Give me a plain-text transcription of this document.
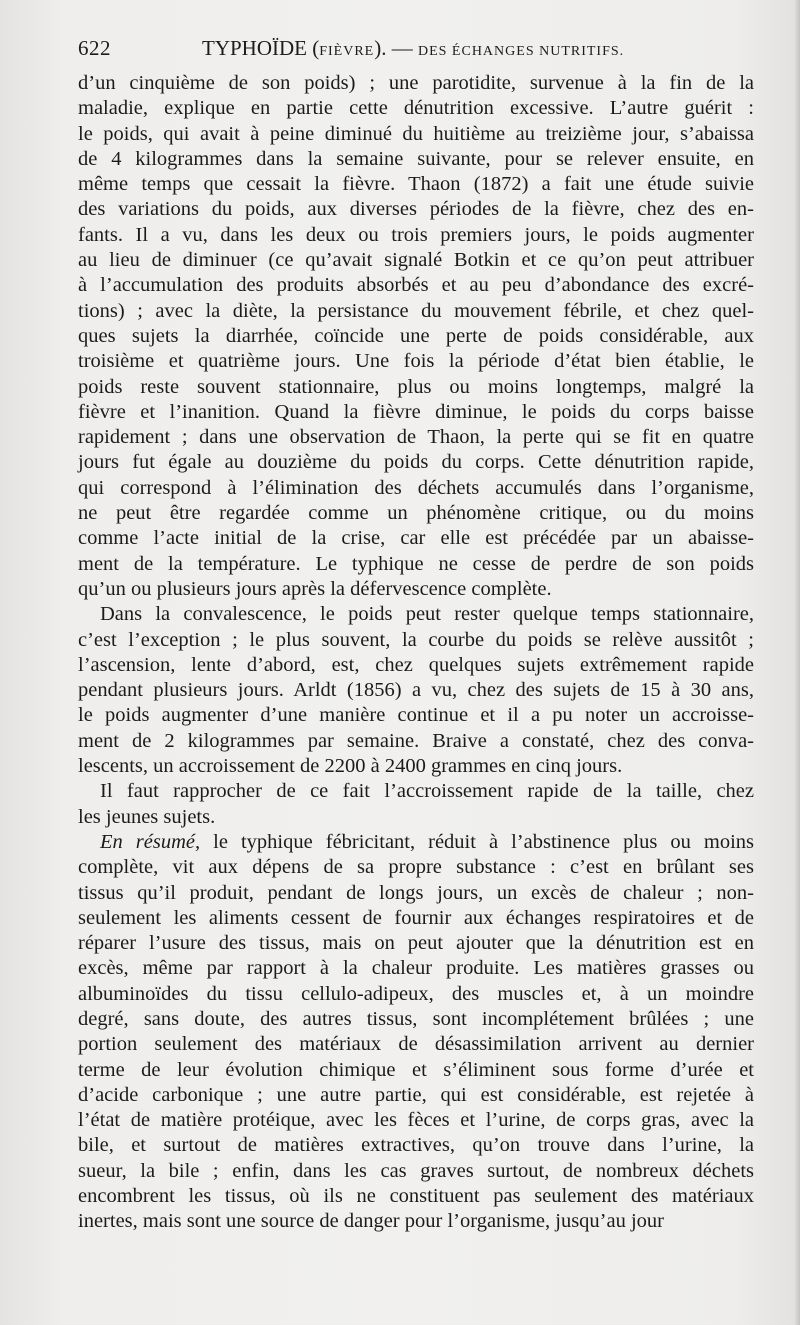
622	TYPHOÏDE (FIÈVRE). — DES ÉCHANGES NUTRITIFS.
d’un cinquième de son poids) ; une parotidite, survenue à la fin de la
maladie, explique en partie cette dénutrition excessive. L’autre guérit :
le poids, qui avait à peine diminué du huitième au treizième jour, s’abaissa
de 4 kilogrammes dans la semaine suivante, pour se relever ensuite, en
même temps que cessait la fièvre. Thaon (1872) a fait une étude suivie
des variations du poids, aux diverses périodes de la fièvre, chez des en-
fants. Il a vu, dans les deux ou trois premiers jours, le poids augmenter
au lieu de diminuer (ce qu’avait signalé Botkin et ce qu’on peut attribuer
à l’accumulation des produits absorbés et au peu d’abondance des excré-
tions) ; avec la diète, la persistance du mouvement fébrile, et chez quel-
ques sujets la diarrhée, coïncide une perte de poids considérable, aux
troisième et quatrième jours. Une fois la période d’état bien établie, le
poids reste souvent stationnaire, plus ou moins longtemps, malgré la
fièvre et l’inanition. Quand la fièvre diminue, le poids du corps baisse
rapidement ; dans une observation de Thaon, la perte qui se fit en quatre
jours fut égale au douzième du poids du corps. Cette dénutrition rapide,
qui correspond à l’élimination des déchets accumulés dans l’organisme,
ne peut être regardée comme un phénomène critique, ou du moins
comme l’acte initial de la crise, car elle est précédée par un abaisse-
ment de la température. Le typhique ne cesse de perdre de son poids
qu’un ou plusieurs jours après la défervescence complète.
Dans la convalescence, le poids peut rester quelque temps stationnaire,
c’est l’exception ; le plus souvent, la courbe du poids se relève aussitôt ;
l’ascension, lente d’abord, est, chez quelques sujets extrêmement rapide
pendant plusieurs jours. Arldt (1856) a vu, chez des sujets de 15 à 30 ans,
le poids augmenter d’une manière continue et il a pu noter un accroisse-
ment de 2 kilogrammes par semaine. Braive a constaté, chez des conva-
lescents, un accroissement de 2200 à 2400 grammes en cinq jours.
Il faut rapprocher de ce fait l’accroissement rapide de la taille, chez
les jeunes sujets.
En résumé, le typhique fébricitant, réduit à l’abstinence plus ou moins
complète, vit aux dépens de sa propre substance : c’est en brûlant ses
tissus qu’il produit, pendant de longs jours, un excès de chaleur ; non-
seulement les aliments cessent de fournir aux échanges respiratoires et de
réparer l’usure des tissus, mais on peut ajouter que la dénutrition est en
excès, même par rapport à la chaleur produite. Les matières grasses ou
albuminoïdes du tissu cellulo-adipeux, des muscles et, à un moindre
degré, sans doute, des autres tissus, sont incomplétement brûlées ; une
portion seulement des matériaux de désassimilation arrivent au dernier
terme de leur évolution chimique et s’éliminent sous forme d’urée et
d’acide carbonique ; une autre partie, qui est considérable, est rejetée à
l’état de matière protéique, avec les fèces et l’urine, de corps gras, avec la
bile, et surtout de matières extractives, qu’on trouve dans l’urine, la
sueur, la bile ; enfin, dans les cas graves surtout, de nombreux déchets
encombrent les tissus, où ils ne constituent pas seulement des matériaux
inertes, mais sont une source de danger pour l’organisme, jusqu’au jour
